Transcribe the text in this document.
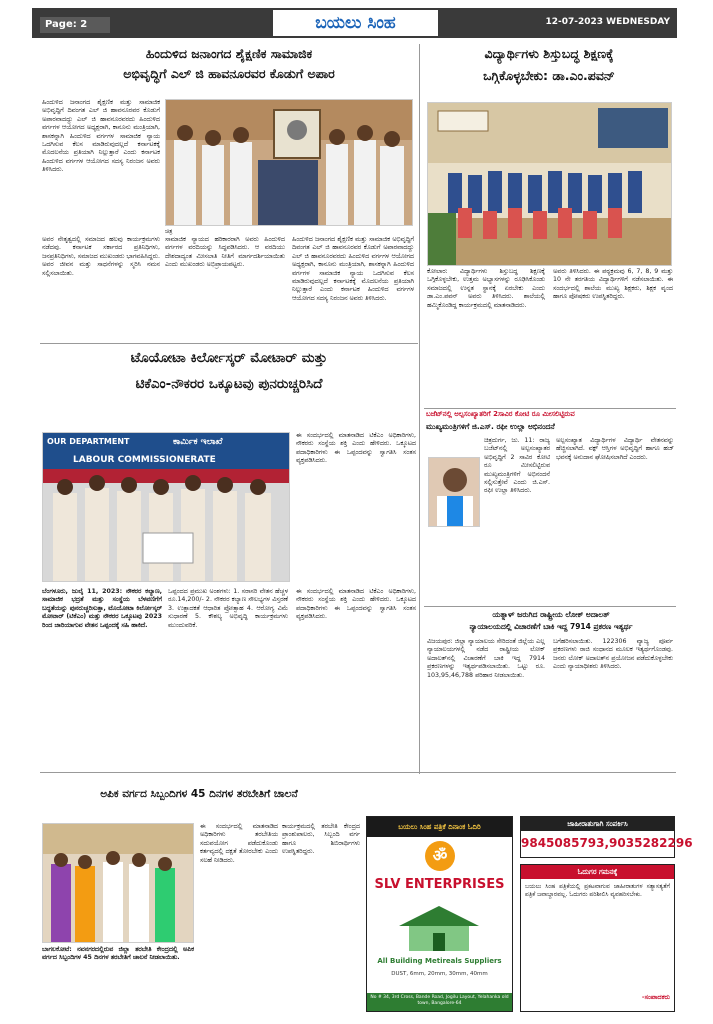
Page: 2	ಬಯಲು ಸಿಂಹ	12-07-2023 WEDNESDAY
ಹಿಂದುಳಿದ ಜನಾಂಗದ ಶೈಕ್ಷಣಿಕ ಸಾಮಾಜಿಕ
ಅಭಿವೃದ್ಧಿಗೆ ಎಲ್ ಜಿ ಹಾವನೂರವರ ಕೊಡುಗೆ ಅಪಾರ
ಹಿಂದುಳಿದ ಜನಾಂಗದ ಶೈಕ್ಷಣಿಕ ಮತ್ತು ಸಾಮಾಜಿಕ ಅಭಿವೃದ್ಧಿಗೆ ದಿವಂಗತ ಎಲ್ ಜಿ ಹಾವನೂರವರ ಕೊಡುಗೆ ಅಪಾರವಾದದ್ದು ಎಲ್ ಜಿ ಹಾವನೂರವರದು ಹಿಂದುಳಿದ ವರ್ಗಗಳ ಆಯೋಗದ ಅಧ್ಯಕ್ಷರಾಗಿ, ಕಾನೂನು ಮಂತ್ರಿಯಾಗಿ, ಶಾಸಕನ್ನಾಗಿ ಹಿಂದುಳಿದ ವರ್ಗಗಳ ಸಾಮಾಜಿಕ ನ್ಯಾಯ ಒದಗಿಸುವ ಕೆಲಸ ಮಾಡಿರುವುದಲ್ಲದೆ ಕರ್ನಾಟಕಕ್ಕೆ ಮೊದಲನೆಯ ಪ್ರತಿಯಾಗಿ ನಿಲ್ಲುತ್ತಾರೆ ಎಂದು ಕರ್ನಾಟಕ ಹಿಂದುಳಿದ ವರ್ಗಗಳ ಆಯೋಗದ ಸದಸ್ಯ ನಿರಂಜನ ಅವರು ತಿಳಿಸಿದರು.
ಚಿತ್ರ
ಅವರ ನೇತೃತ್ವದಲ್ಲಿ ಸಮಾಜದ ಹಲವು ಕಾರ್ಯಕ್ರಮಗಳು ನಡೆದವು. ಕರ್ನಾಟಕ ಸರ್ಕಾರದ ಪ್ರತಿನಿಧಿಗಳು, ಜನಪ್ರತಿನಿಧಿಗಳು, ಸಮಾಜದ ಮುಖಂಡರು ಭಾಗವಹಿಸಿದ್ದರು. ಅವರ ಜೀವನ ಮತ್ತು ಸಾಧನೆಗಳನ್ನು ಸ್ಮರಿಸಿ ನಮನ ಸಲ್ಲಿಸಲಾಯಿತು.
ಸಾಮಾಜಿಕ ನ್ಯಾಯದ ಹರಿಕಾರರಾಗಿ ಅವರು ಹಿಂದುಳಿದ ವರ್ಗಗಳ ವರದಿಯನ್ನು ಸಿದ್ಧಪಡಿಸಿದರು. ಆ ವರದಿಯು ದೇಶದಾದ್ಯಂತ ಮೀಸಲಾತಿ ನೀತಿಗೆ ಮಾರ್ಗದರ್ಶಿಯಾಯಿತು ಎಂದು ಮುಖಂಡರು ಅಭಿಪ್ರಾಯಪಟ್ಟರು.
ಹಿಂದುಳಿದ ಜನಾಂಗದ ಶೈಕ್ಷಣಿಕ ಮತ್ತು ಸಾಮಾಜಿಕ ಅಭಿವೃದ್ಧಿಗೆ ದಿವಂಗತ ಎಲ್ ಜಿ ಹಾವನೂರವರ ಕೊಡುಗೆ ಅಪಾರವಾದದ್ದು ಎಲ್ ಜಿ ಹಾವನೂರವರದು ಹಿಂದುಳಿದ ವರ್ಗಗಳ ಆಯೋಗದ ಅಧ್ಯಕ್ಷರಾಗಿ, ಕಾನೂನು ಮಂತ್ರಿಯಾಗಿ, ಶಾಸಕನ್ನಾಗಿ ಹಿಂದುಳಿದ ವರ್ಗಗಳ ಸಾಮಾಜಿಕ ನ್ಯಾಯ ಒದಗಿಸುವ ಕೆಲಸ ಮಾಡಿರುವುದಲ್ಲದೆ ಕರ್ನಾಟಕಕ್ಕೆ ಮೊದಲನೆಯ ಪ್ರತಿಯಾಗಿ ನಿಲ್ಲುತ್ತಾರೆ ಎಂದು ಕರ್ನಾಟಕ ಹಿಂದುಳಿದ ವರ್ಗಗಳ ಆಯೋಗದ ಸದಸ್ಯ ನಿರಂಜನ ಅವರು ತಿಳಿಸಿದರು.
ವಿದ್ಯಾರ್ಥಿಗಳು ಶಿಸ್ತುಬದ್ಧ ಶಿಕ್ಷಣಕ್ಕೆ
ಒಗ್ಗಿಕೊಳ್ಳಬೇಕು: ಡಾ.ಎಂ.ಪವನ್
ಕೋಲಾರ: ವಿದ್ಯಾರ್ಥಿಗಳು ಶಿಸ್ತುಬದ್ಧ ಶಿಕ್ಷಣಕ್ಕೆ ಒಗ್ಗಿಕೊಳ್ಳಬೇಕು, ಉತ್ತಮ ಅಭ್ಯಾಸಗಳನ್ನು ರೂಢಿಸಿಕೊಂಡು ಸಮಾಜದಲ್ಲಿ ಉನ್ನತ ಸ್ಥಾನಕ್ಕೆ ಏರಬೇಕು ಎಂದು ಡಾ.ಎಂ.ಪವನ್ ಅವರು ತಿಳಿಸಿದರು. ಶಾಲೆಯಲ್ಲಿ ಹಮ್ಮಿಕೊಂಡಿದ್ದ ಕಾರ್ಯಕ್ರಮದಲ್ಲಿ ಮಾತನಾಡಿದರು.
ಅವರು ತಿಳಿಸಿದರು. ಈ ಪಠ್ಯಕ್ರಮವು 6, 7, 8, 9 ಮತ್ತು 10 ನೇ ತರಗತಿಯ ವಿದ್ಯಾರ್ಥಿಗಳಿಗೆ ನಡೆಸಲಾಯಿತು. ಈ ಸಂದರ್ಭದಲ್ಲಿ ಶಾಲೆಯ ಮುಖ್ಯ ಶಿಕ್ಷಕರು, ಶಿಕ್ಷಕ ವೃಂದ ಹಾಗೂ ಪೋಷಕರು ಉಪಸ್ಥಿತರಿದ್ದರು.
ಟೊಯೋಟಾ ಕಿರ್ಲೋಸ್ಕರ್ ಮೋಟಾರ್ ಮತ್ತು
ಟಿಕೆಎಂ-ನೌಕರರ ಒಕ್ಕೂಟವು ಪುನರುಚ್ಚರಿಸಿದೆ
OUR DEPARTMENT	ಕಾರ್ಮಿಕ ಇಲಾಖೆ
LABOUR COMMISSIONERATE
ಈ ಸಂದರ್ಭದಲ್ಲಿ ಮಾತನಾಡಿದ ಟಿಕೆಎಂ ಅಧಿಕಾರಿಗಳು, ನೌಕರರು ಸಂಸ್ಥೆಯ ಶಕ್ತಿ ಎಂದು ಹೇಳಿದರು. ಒಕ್ಕೂಟದ ಪದಾಧಿಕಾರಿಗಳು ಈ ಒಪ್ಪಂದವನ್ನು ಸ್ವಾಗತಿಸಿ ಸಂತಸ ವ್ಯಕ್ತಪಡಿಸಿದರು.
ಬೆಂಗಳೂರು, ಜುಲೈ 11, 2023: ನೌಕರರ ಕಲ್ಯಾಣ, ಸಾಮಾಜಿಕ ಭದ್ರತೆ ಮತ್ತು ಸಂಸ್ಥೆಯ ಬೆಳವಣಿಗೆಗೆ ಬದ್ಧತೆಯನ್ನು ಪುನರುಚ್ಚರಿಸುತ್ತಾ, ಟೊಯೋಟಾ ಕಿರ್ಲೋಸ್ಕರ್ ಮೋಟಾರ್ (ಟಿಕೆಎಂ) ಮತ್ತು ನೌಕರರ ಒಕ್ಕೂಟವು 2023 ರಿಂದ ಜಾರಿಯಾಗುವ ವೇತನ ಒಪ್ಪಂದಕ್ಕೆ ಸಹಿ ಹಾಕಿದೆ.
ಒಪ್ಪಂದದ ಪ್ರಮುಖ ಅಂಶಗಳು: 1. ಸರಾಸರಿ ವೇತನ ಹೆಚ್ಚಳ ರೂ.14,200/- 2. ನೌಕರರ ಕಲ್ಯಾಣ ಸೌಲಭ್ಯಗಳ ವಿಸ್ತರಣೆ 3. ಉತ್ಪಾದಕತೆ ಆಧಾರಿತ ಪ್ರೋತ್ಸಾಹ 4. ಆರೋಗ್ಯ ವಿಮೆ ಸುಧಾರಣೆ 5. ಕೌಶಲ್ಯ ಅಭಿವೃದ್ಧಿ ಕಾರ್ಯಕ್ರಮಗಳು ಮುಂದುವರಿಕೆ.
ಈ ಸಂದರ್ಭದಲ್ಲಿ ಮಾತನಾಡಿದ ಟಿಕೆಎಂ ಅಧಿಕಾರಿಗಳು, ನೌಕರರು ಸಂಸ್ಥೆಯ ಶಕ್ತಿ ಎಂದು ಹೇಳಿದರು. ಒಕ್ಕೂಟದ ಪದಾಧಿಕಾರಿಗಳು ಈ ಒಪ್ಪಂದವನ್ನು ಸ್ವಾಗತಿಸಿ ಸಂತಸ ವ್ಯಕ್ತಪಡಿಸಿದರು.
ಬಜೆಟ್‌ನಲ್ಲಿ ಅಲ್ಪಸಂಖ್ಯಾತರಿಗೆ 2ಸಾವಿರ ಕೋಟಿ ರೂ ಮೀಸಲಿಟ್ಟಿರುವ
ಮುಖ್ಯಮಂತ್ರಿಗಳಿಗೆ ಜಿ.ಎಸ್. ರಫೀ ಉಲ್ಲಾ ಅಭಿನಂದನೆ
ಚಿತ್ರದುರ್ಗ, ಜು. 11: ರಾಜ್ಯ ಬಜೆಟ್‌ನಲ್ಲಿ ಅಲ್ಪಸಂಖ್ಯಾತರ ಅಭಿವೃದ್ಧಿಗೆ 2 ಸಾವಿರ ಕೋಟಿ ರೂ ಮೀಸಲಿಟ್ಟಿರುವ ಮುಖ್ಯಮಂತ್ರಿಗಳಿಗೆ ಅಭಿನಂದನೆ ಸಲ್ಲಿಸುತ್ತೇವೆ ಎಂದು ಜಿ.ಎಸ್. ರಫೀ ಉಲ್ಲಾ ತಿಳಿಸಿದರು.
ಅಲ್ಪಸಂಖ್ಯಾತ ವಿದ್ಯಾರ್ಥಿಗಳ ವಿದ್ಯಾರ್ಥಿ ವೇತನವನ್ನು ಹೆಚ್ಚಿಸಲಾಗಿದೆ. ವಕ್ಫ್ ಆಸ್ತಿಗಳ ಅಭಿವೃದ್ಧಿಗೆ ಹಾಗೂ ಹಜ್ ಭವನಕ್ಕೆ ಅನುದಾನ ಘೋಷಿಸಲಾಗಿದೆ ಎಂದರು.
ಯತ್ನಾಳ್ ಜರುಗಿದ ರಾಷ್ಟ್ರೀಯ ಲೋಕ್ ಅದಾಲತ್
ನ್ಯಾಯಾಲಯದಲ್ಲಿ ವಿಚಾರಣೆಗೆ ಬಾಕಿ ಇದ್ದ 7914 ಪ್ರಕರಣ ಇತ್ಯರ್ಥ
ವಿಜಯಪುರ: ಜಿಲ್ಲಾ ನ್ಯಾಯಾಲಯ ಸೇರಿದಂತೆ ಜಿಲ್ಲೆಯ ಎಲ್ಲ ನ್ಯಾಯಾಲಯಗಳಲ್ಲಿ ನಡೆದ ರಾಷ್ಟ್ರೀಯ ಲೋಕ್ ಅದಾಲತ್‌ನಲ್ಲಿ ವಿಚಾರಣೆಗೆ ಬಾಕಿ ಇದ್ದ 7914 ಪ್ರಕರಣಗಳನ್ನು ಇತ್ಯರ್ಥಪಡಿಸಲಾಯಿತು. ಒಟ್ಟು ರೂ. 103,95,46,788 ಪರಿಹಾರ ನೀಡಲಾಯಿತು.
ಬಗೆಹರಿಸಲಾಯಿತು. 122306 ವ್ಯಾಜ್ಯ ಪೂರ್ವ ಪ್ರಕರಣಗಳು ರಾಜಿ ಸಂಧಾನದ ಮೂಲಕ ಇತ್ಯರ್ಥಗೊಂಡವು. ಜನರು ಲೋಕ್ ಅದಾಲತ್‌ನ ಪ್ರಯೋಜನ ಪಡೆದುಕೊಳ್ಳಬೇಕು ಎಂದು ನ್ಯಾಯಾಧೀಶರು ತಿಳಿಸಿದರು.
ಅಪಿಕ ವರ್ಗದ ಸಿಬ್ಬಂದಿಗಳ 45 ದಿನಗಳ ತರಬೇತಿಗೆ ಚಾಲನೆ
ಬಾಗಲಕೋಟೆ: ನವನಗರದಲ್ಲಿರುವ ಜಿಲ್ಲಾ ತರಬೇತಿ ಕೇಂದ್ರದಲ್ಲಿ ಅಪಿಕ ವರ್ಗದ ಸಿಬ್ಬಂದಿಗಳ 45 ದಿನಗಳ ತರಬೇತಿಗೆ ಚಾಲನೆ ನೀಡಲಾಯಿತು.
ಈ ಸಂದರ್ಭದಲ್ಲಿ ಮಾತನಾಡಿದ ಅಧಿಕಾರಿಗಳು ತರಬೇತಿಯ ಸದುಪಯೋಗ ಪಡೆದುಕೊಂಡು ಕರ್ತವ್ಯದಲ್ಲಿ ದಕ್ಷತೆ ತೋರಬೇಕು ಎಂದು ಸಲಹೆ ನೀಡಿದರು.
ಕಾರ್ಯಕ್ರಮದಲ್ಲಿ ತರಬೇತಿ ಕೇಂದ್ರದ ಪ್ರಾಂಶುಪಾಲರು, ಸಿಬ್ಬಂದಿ ವರ್ಗ ಹಾಗೂ ಶಿಬಿರಾರ್ಥಿಗಳು ಉಪಸ್ಥಿತರಿದ್ದರು.
ಬಯಲು ಸಿಂಹ ಪತ್ರಿಕೆ ದಿನಾಂಕ ಓದಿರಿ
ॐ
SLV ENTERPRISES
All Building Metireals Suppliers
DUST, 6mm, 20mm, 30mm, 40mm
No # 34, 3rd Cross, Bande Road, Jogilu Layout, Yelahanka old town, Bangalore-64
ಜಾಹೀರಾತುಗಾಗಿ ಸಂಪರ್ಕಿಸಿ
9845085793,9035282296
ಓದುಗರ ಗಮನಕ್ಕೆ
ಬಯಲು ಸಿಂಹ ಪತ್ರಿಕೆಯಲ್ಲಿ ಪ್ರಕಟವಾಗುವ ಜಾಹೀರಾತುಗಳ ಸತ್ಯಾಸತ್ಯತೆಗೆ ಪತ್ರಿಕೆ ಜವಾಬ್ದಾರವಲ್ಲ. ಓದುಗರು ಪರಿಶೀಲಿಸಿ ವ್ಯವಹರಿಸಬೇಕು.
-ಸಂಪಾದಕರು
